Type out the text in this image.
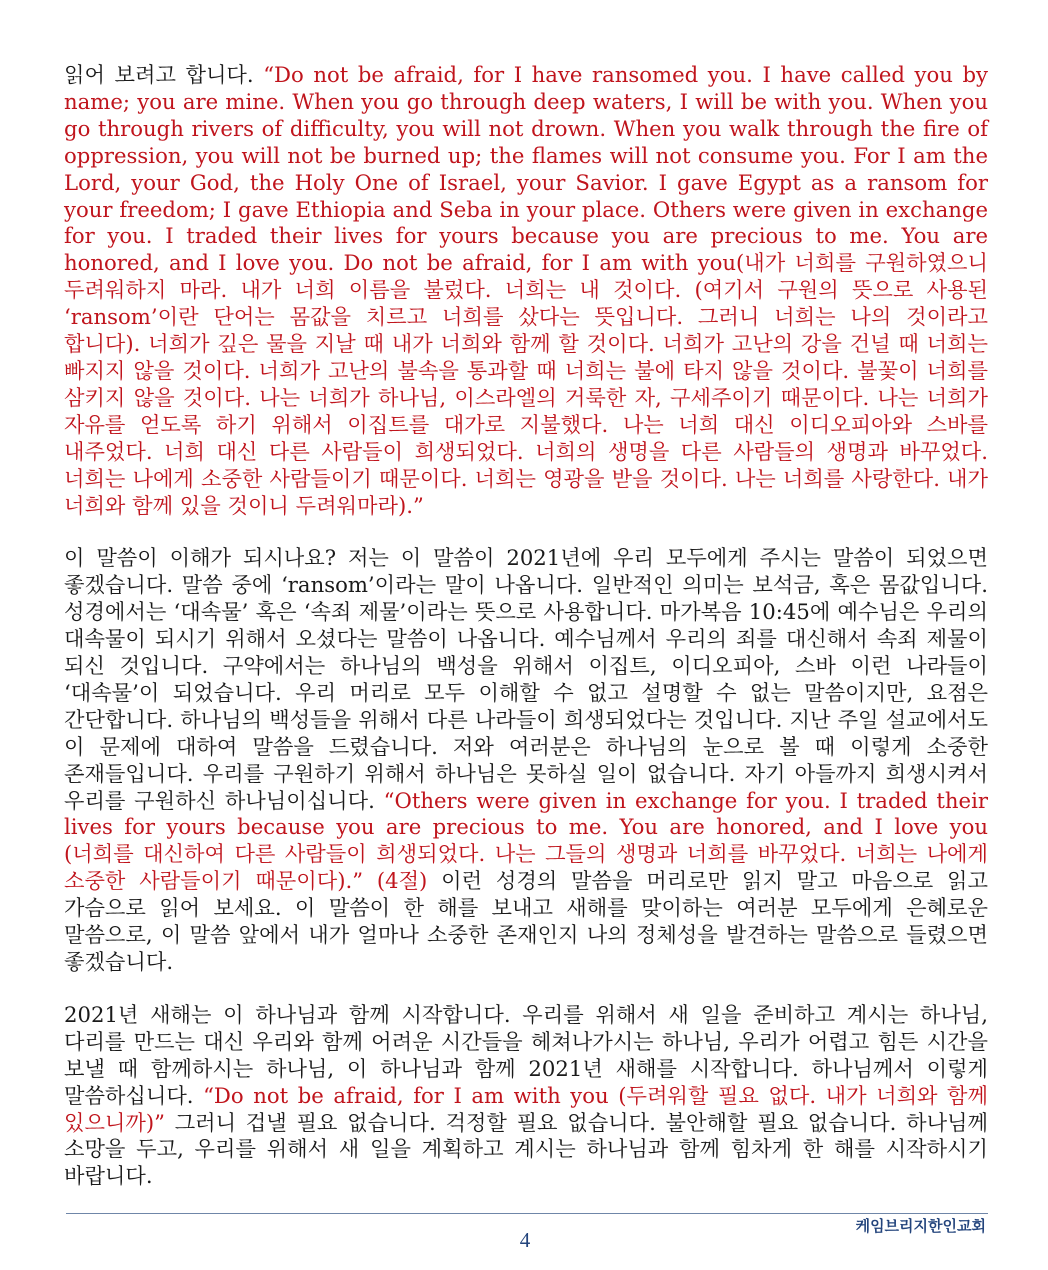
읽어 보려고 합니다. “Do not be afraid, for I have ransomed you. I have called you by name; you are mine. When you go through deep waters, I will be with you. When you go through rivers of difficulty, you will not drown. When you walk through the fire of oppression, you will not be burned up; the flames will not consume you. For I am the Lord, your God, the Holy One of Israel, your Savior. I gave Egypt as a ransom for your freedom; I gave Ethiopia and Seba in your place. Others were given in exchange for you. I traded their lives for yours because you are precious to me. You are honored, and I love you. Do not be afraid, for I am with you(내가 너희를 구원하였으니 두려워하지 마라. 내가 너희 이름을 불렀다. 너희는 내 것이다. (여기서 구원의 뜻으로 사용된 ‘ransom’이란 단어는 몸값을 치르고 너희를 샀다는 뜻입니다. 그러니 너희는 나의 것이라고 합니다). 너희가 깊은 물을 지날 때 내가 너희와 함께 할 것이다. 너희가 고난의 강을 건널 때 너희는 빠지지 않을 것이다. 너희가 고난의 불속을 통과할 때 너희는 불에 타지 않을 것이다. 불꽃이 너희를 삼키지 않을 것이다. 나는 너희가 하나님, 이스라엘의 거룩한 자, 구세주이기 때문이다. 나는 너희가 자유를 얻도록 하기 위해서 이집트를 대가로 지불했다. 나는 너희 대신 이디오피아와 스바를 내주었다. 너희 대신 다른 사람들이 희생되었다. 너희의 생명을 다른 사람들의 생명과 바꾸었다. 너희는 나에게 소중한 사람들이기 때문이다. 너희는 영광을 받을 것이다. 나는 너희를 사랑한다. 내가 너희와 함께 있을 것이니 두려워마라).”

이 말씀이 이해가 되시나요? 저는 이 말씀이 2021년에 우리 모두에게 주시는 말씀이 되었으면 좋겠습니다. 말씀 중에 ‘ransom’이라는 말이 나옵니다. 일반적인 의미는 보석금, 혹은 몸값입니다. 성경에서는 ‘대속물’ 혹은 ‘속죄 제물’이라는 뜻으로 사용합니다. 마가복음 10:45에 예수님은 우리의 대속물이 되시기 위해서 오셨다는 말씀이 나옵니다. 예수님께서 우리의 죄를 대신해서 속죄 제물이 되신 것입니다. 구약에서는 하나님의 백성을 위해서 이집트, 이디오피아, 스바 이런 나라들이 ‘대속물’이 되었습니다. 우리 머리로 모두 이해할 수 없고 설명할 수 없는 말씀이지만, 요점은 간단합니다. 하나님의 백성들을 위해서 다른 나라들이 희생되었다는 것입니다. 지난 주일 설교에서도 이 문제에 대하여 말씀을 드렸습니다. 저와 여러분은 하나님의 눈으로 볼 때 이렇게 소중한 존재들입니다. 우리를 구원하기 위해서 하나님은 못하실 일이 없습니다. 자기 아들까지 희생시켜서 우리를 구원하신 하나님이십니다. “Others were given in exchange for you. I traded their lives for yours because you are precious to me. You are honored, and I love you (너희를 대신하여 다른 사람들이 희생되었다. 나는 그들의 생명과 너희를 바꾸었다. 너희는 나에게 소중한 사람들이기 때문이다).” (4절) 이런 성경의 말씀을 머리로만 읽지 말고 마음으로 읽고 가슴으로 읽어 보세요. 이 말씀이 한 해를 보내고 새해를 맞이하는 여러분 모두에게 은혜로운 말씀으로, 이 말씀 앞에서 내가 얼마나 소중한 존재인지 나의 정체성을 발견하는 말씀으로 들렸으면 좋겠습니다.

2021년 새해는 이 하나님과 함께 시작합니다. 우리를 위해서 새 일을 준비하고 계시는 하나님, 다리를 만드는 대신 우리와 함께 어려운 시간들을 헤쳐나가시는 하나님, 우리가 어렵고 힘든 시간을 보낼 때 함께하시는 하나님, 이 하나님과 함께 2021년 새해를 시작합니다. 하나님께서 이렇게 말씀하십니다. “Do not be afraid, for I am with you (두려워할 필요 없다. 내가 너희와 함께 있으니까)” 그러니 겁낼 필요 없습니다. 걱정할 필요 없습니다. 불안해할 필요 없습니다. 하나님께 소망을 두고, 우리를 위해서 새 일을 계획하고 계시는 하나님과 함께 힘차게 한 해를 시작하시기 바랍니다.

케임브리지한인교회
4
